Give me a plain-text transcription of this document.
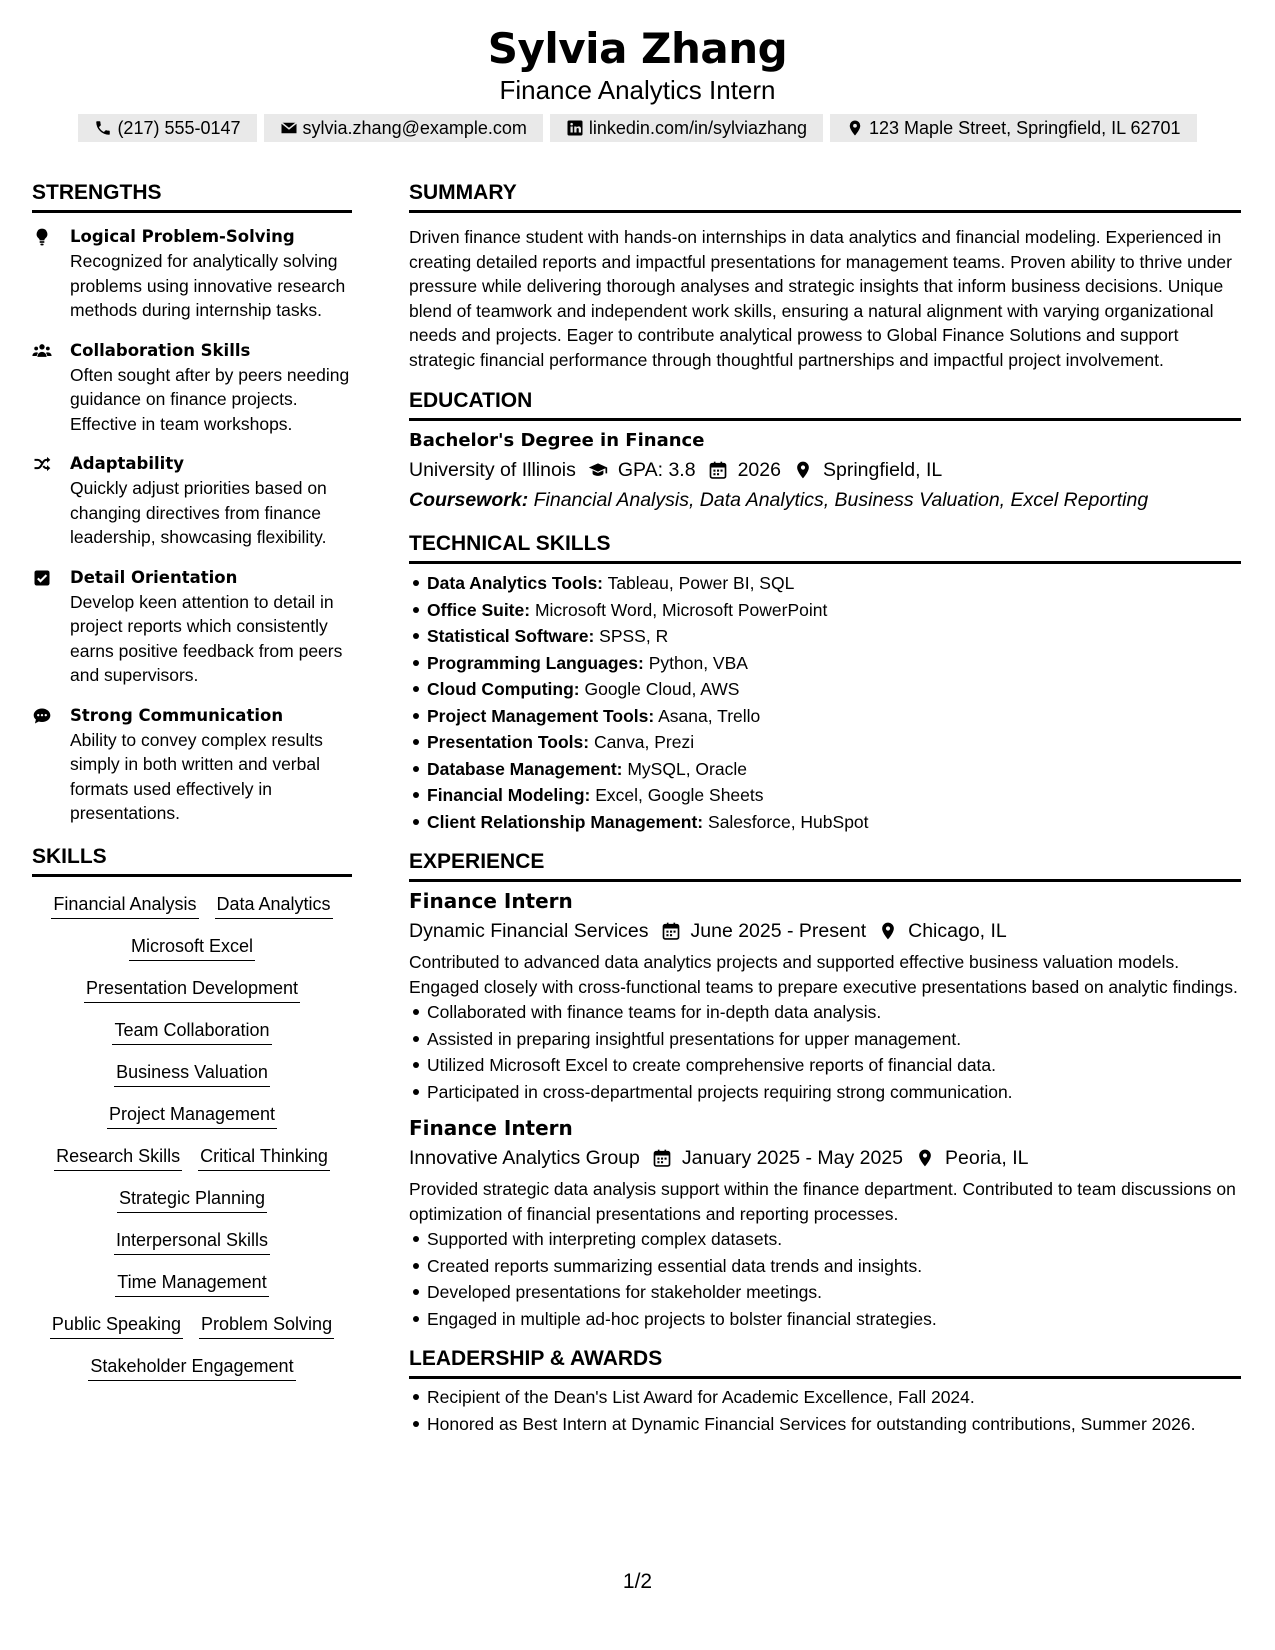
Sylvia Zhang
Finance Analytics Intern
(217) 555-0147	sylvia.zhang@example.com	linkedin.com/in/sylviazhang	123 Maple Street, Springfield, IL 62701
STRENGTHS
Logical Problem-Solving
Recognized for analytically solving problems using innovative research methods during internship tasks.
Collaboration Skills
Often sought after by peers needing guidance on finance projects. Effective in team workshops.
Adaptability
Quickly adjust priorities based on changing directives from finance leadership, showcasing flexibility.
Detail Orientation
Develop keen attention to detail in project reports which consistently earns positive feedback from peers and supervisors.
Strong Communication
Ability to convey complex results simply in both written and verbal formats used effectively in presentations.
SKILLS
Financial Analysis Data Analytics
Microsoft Excel
Presentation Development
Team Collaboration
Business Valuation
Project Management
Research Skills Critical Thinking
Strategic Planning
Interpersonal Skills
Time Management
Public Speaking Problem Solving
Stakeholder Engagement
SUMMARY
Driven finance student with hands-on internships in data analytics and financial modeling. Experienced in creating detailed reports and impactful presentations for management teams. Proven ability to thrive under pressure while delivering thorough analyses and strategic insights that inform business decisions. Unique blend of teamwork and independent work skills, ensuring a natural alignment with varying organizational needs and projects. Eager to contribute analytical prowess to Global Finance Solutions and support strategic financial performance through thoughtful partnerships and impactful project involvement.
EDUCATION
Bachelor's Degree in Finance
University of Illinois GPA: 3.8 2026 Springfield, IL
Coursework: Financial Analysis, Data Analytics, Business Valuation, Excel Reporting
TECHNICAL SKILLS
Data Analytics Tools: Tableau, Power BI, SQL
Office Suite: Microsoft Word, Microsoft PowerPoint
Statistical Software: SPSS, R
Programming Languages: Python, VBA
Cloud Computing: Google Cloud, AWS
Project Management Tools: Asana, Trello
Presentation Tools: Canva, Prezi
Database Management: MySQL, Oracle
Financial Modeling: Excel, Google Sheets
Client Relationship Management: Salesforce, HubSpot
EXPERIENCE
Finance Intern
Dynamic Financial Services June 2025 - Present Chicago, IL
Contributed to advanced data analytics projects and supported effective business valuation models. Engaged closely with cross-functional teams to prepare executive presentations based on analytic findings.
Collaborated with finance teams for in-depth data analysis.
Assisted in preparing insightful presentations for upper management.
Utilized Microsoft Excel to create comprehensive reports of financial data.
Participated in cross-departmental projects requiring strong communication.
Finance Intern
Innovative Analytics Group January 2025 - May 2025 Peoria, IL
Provided strategic data analysis support within the finance department. Contributed to team discussions on optimization of financial presentations and reporting processes.
Supported with interpreting complex datasets.
Created reports summarizing essential data trends and insights.
Developed presentations for stakeholder meetings.
Engaged in multiple ad-hoc projects to bolster financial strategies.
LEADERSHIP & AWARDS
Recipient of the Dean's List Award for Academic Excellence, Fall 2024.
Honored as Best Intern at Dynamic Financial Services for outstanding contributions, Summer 2026.
1/2
